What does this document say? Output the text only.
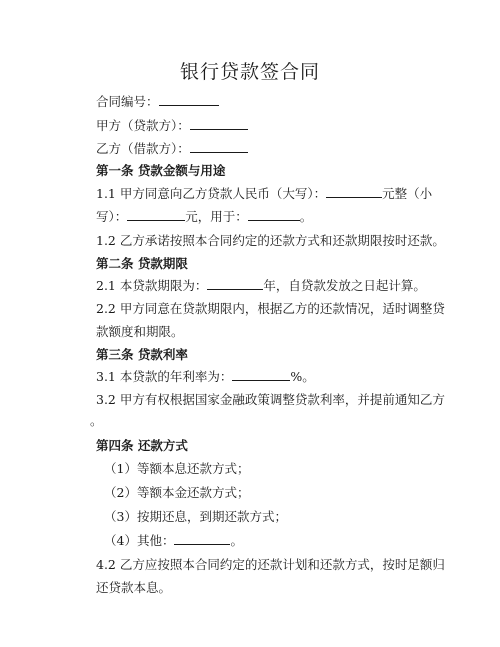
银行贷款签合同
合同编号：
甲方（贷款方）：
乙方（借款方）：
第一条 贷款金额与用途
1.1 甲方同意向乙方贷款人民币（大写）：	元整（小
写）：	元，用于：	。
1.2 乙方承诺按照本合同约定的还款方式和还款期限按时还款。
第二条 贷款期限
2.1 本贷款期限为：	年，自贷款发放之日起计算。
2.2 甲方同意在贷款期限内，根据乙方的还款情况，适时调整贷
款额度和期限。
第三条 贷款利率
3.1 本贷款的年利率为：	%。
3.2 甲方有权根据国家金融政策调整贷款利率，并提前通知乙方
。
第四条 还款方式
（1）等额本息还款方式；
（2）等额本金还款方式；
（3）按期还息，到期还款方式；
（4）其他：	。
4.2 乙方应按照本合同约定的还款计划和还款方式，按时足额归
还贷款本息。
